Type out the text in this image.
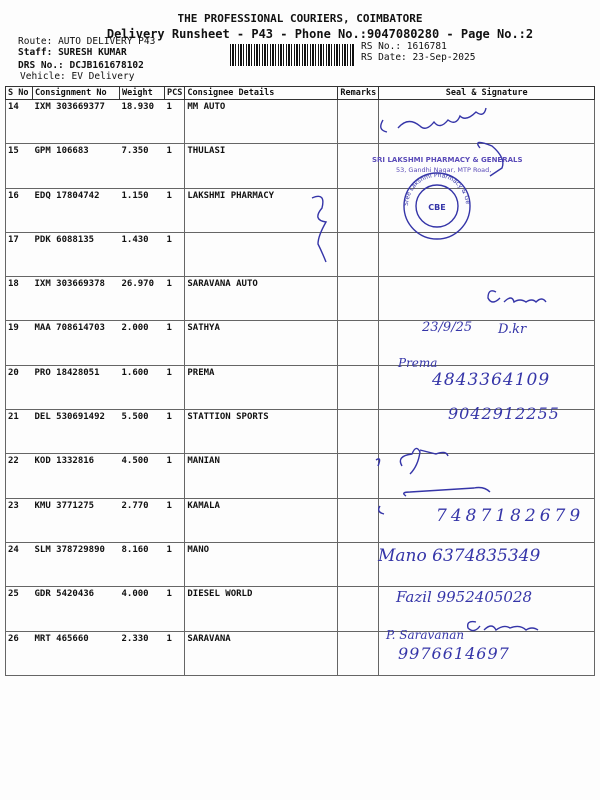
THE PROFESSIONAL COURIERS, COIMBATORE
Delivery Runsheet - P43 - Phone No.:9047080280 - Page No.:2
Route: AUTO DELIVERY P43
Staff: SURESH KUMAR
DRS No.: DCJB161678102
Vehicle: EV Delivery
RS No.: 1616781
RS Date: 23-Sep-2025
S No	Consignment No	Weight	PCS	Consignee Details	Remarks	Seal & Signature
14	IXM 303669377	18.930	1	MM AUTO		
15	GPM 106683	7.350	1	THULASI		
16	EDQ 17804742	1.150	1	LAKSHMI PHARMACY		
17	PDK 6088135	1.430	1			
18	IXM 303669378	26.970	1	SARAVANA AUTO		
19	MAA 708614703	2.000	1	SATHYA		
20	PRO 18428051	1.600	1	PREMA		
21	DEL 530691492	5.500	1	STATTION SPORTS		
22	KOD 1332816	4.500	1	MANIAN		
23	KMU 3771275	2.770	1	KAMALA		
24	SLM 378729890	8.160	1	MANO		
25	GDR 5420436	4.000	1	DIESEL WORLD		
26	MRT 465660	2.330	1	SARAVANA		
CBE
Sree Lakshmi Pharmacy & Ge
SRI LAKSHMI PHARMACY & GENERALS
53, Gandhi Nagar, MTP Road,
23/9/25 D.kr
Prema
4843364109
9042912255
7487182679
Mano 6374835349
Fazil 9952405028
P. Saravanan
9976614697
